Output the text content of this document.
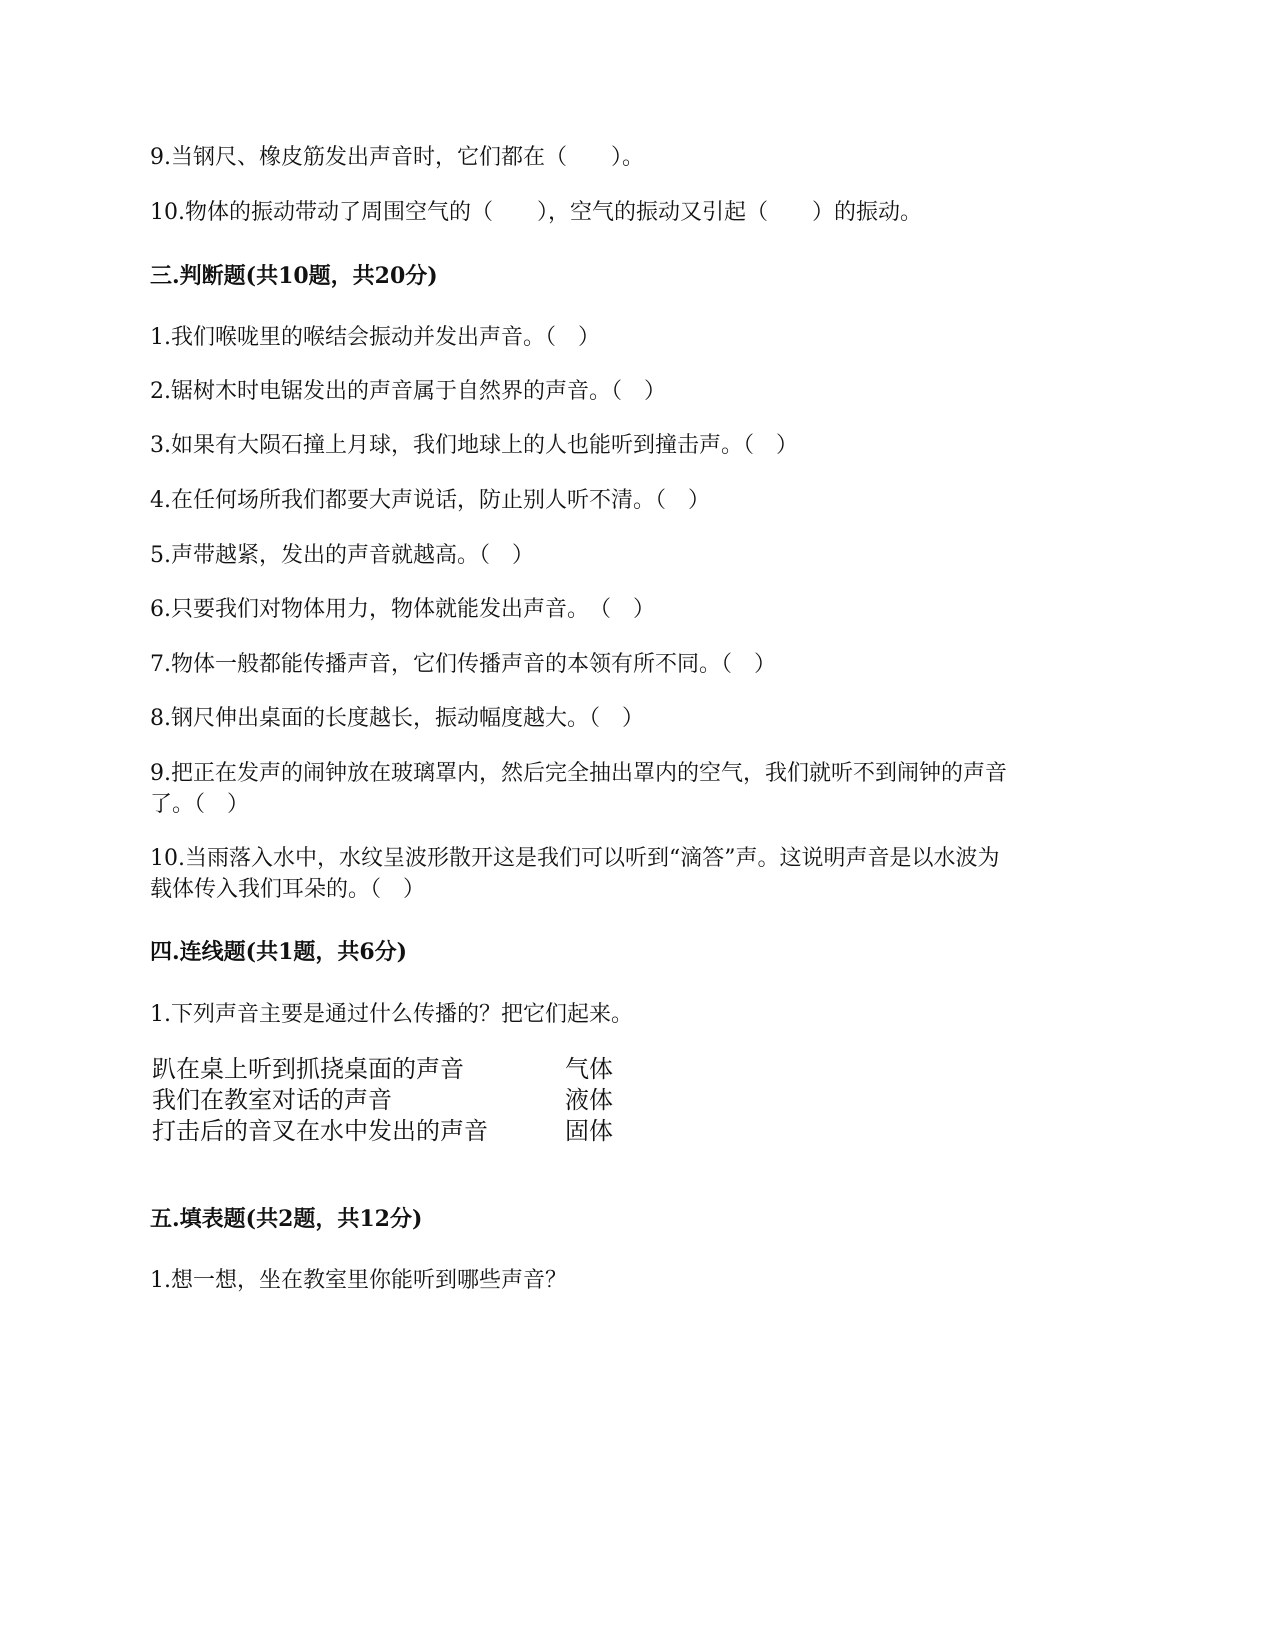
9.当钢尺、橡皮筋发出声音时，它们都在（　　）。
10.物体的振动带动了周围空气的（　　），空气的振动又引起（　　）的振动。
三.判断题(共10题，共20分)
1.我们喉咙里的喉结会振动并发出声音。（　）
2.锯树木时电锯发出的声音属于自然界的声音。（　）
3.如果有大陨石撞上月球，我们地球上的人也能听到撞击声。（　）
4.在任何场所我们都要大声说话，防止别人听不清。（　）
5.声带越紧，发出的声音就越高。（　）
6.只要我们对物体用力，物体就能发出声音。　（　）
7.物体一般都能传播声音，它们传播声音的本领有所不同。（　）
8.钢尺伸出桌面的长度越长，振动幅度越大。（　）
9.把正在发声的闹钟放在玻璃罩内，然后完全抽出罩内的空气，我们就听不到闹钟的声音
了。（　）
10.当雨落入水中，水纹呈波形散开这是我们可以听到“滴答”声。这说明声音是以水波为
载体传入我们耳朵的。（　）
四.连线题(共1题，共6分)
1.下列声音主要是通过什么传播的？把它们起来。
趴在桌上听到抓挠桌面的声音
我们在教室对话的声音
打击后的音叉在水中发出的声音
气体
液体
固体
五.填表题(共2题，共12分)
1.想一想，坐在教室里你能听到哪些声音？
